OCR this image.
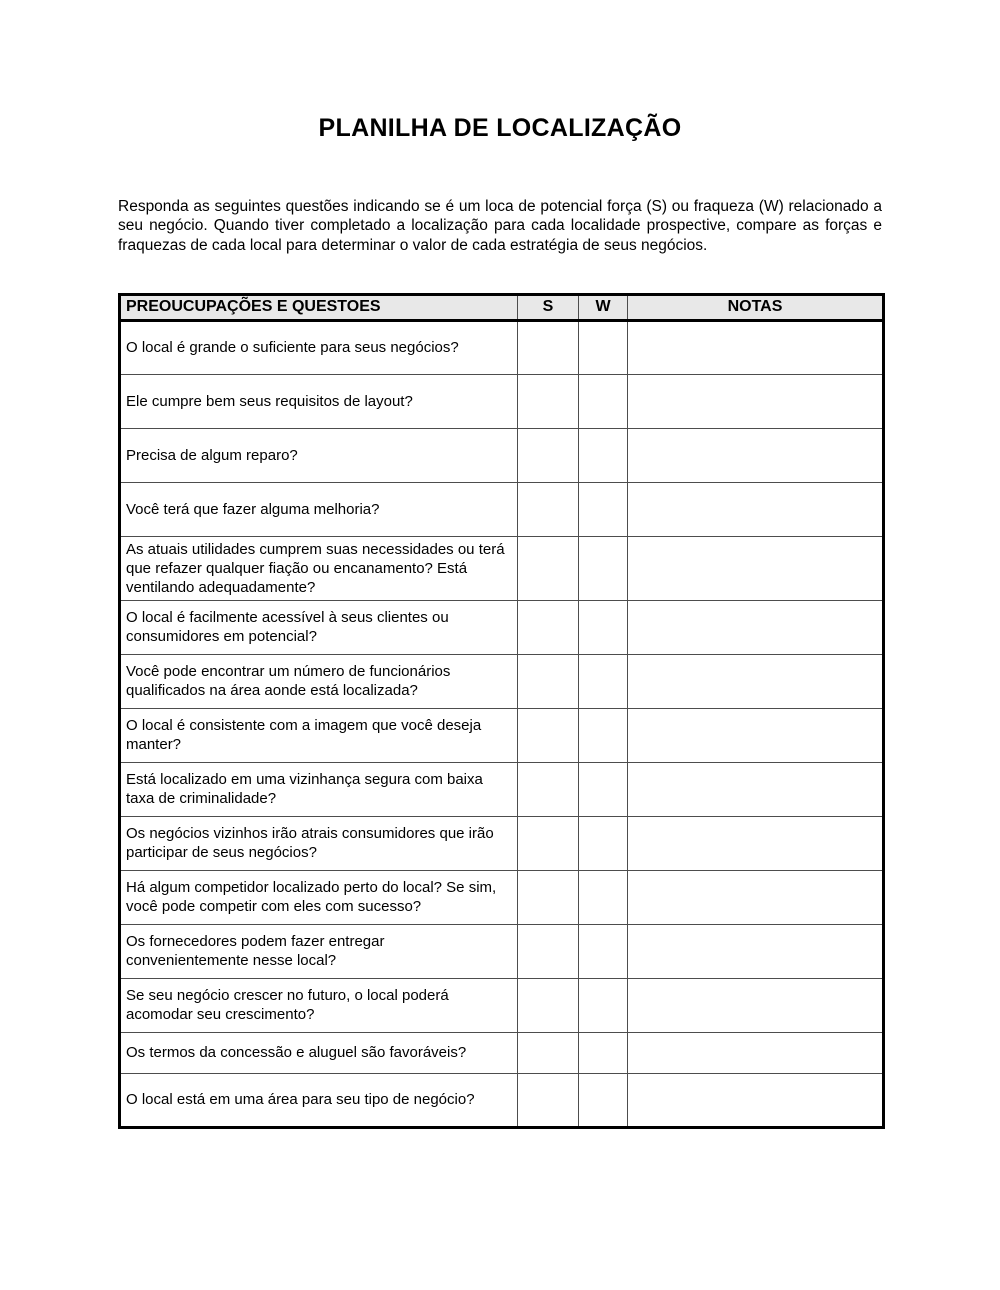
PLANILHA DE LOCALIZAÇÃO

Responda as seguintes questões indicando se é um loca de potencial força (S) ou fraqueza (W) relacionado a seu negócio. Quando tiver completado a localização para cada localidade prospective, compare as forças e fraquezas de cada local para determinar o valor de cada estratégia de seus negócios.

PREOUCUPAÇÕES E QUESTOES	S	W	NOTAS
O local é grande o suficiente para seus negócios?			
Ele cumpre bem seus requisitos de layout?			
Precisa de algum reparo?			
Você terá que fazer alguma melhoria?			
As atuais utilidades cumprem suas necessidades ou terá que refazer qualquer fiação ou encanamento? Está ventilando adequadamente?			
O local é facilmente acessível à seus clientes ou consumidores em potencial?			
Você pode encontrar um número de funcionários qualificados na área aonde está localizada?			
O local é consistente com a imagem que você deseja manter?			
Está localizado em uma vizinhança segura com baixa taxa de criminalidade?			
Os negócios vizinhos irão atrais consumidores que irão participar de seus negócios?			
Há algum competidor localizado perto do local? Se sim, você pode competir com eles com sucesso?			
Os fornecedores podem fazer entregar convenientemente nesse local?			
Se seu negócio crescer no futuro, o local poderá acomodar seu crescimento?			
Os termos da concessão e aluguel são favoráveis?			
O local está em uma área para seu tipo de negócio?			
